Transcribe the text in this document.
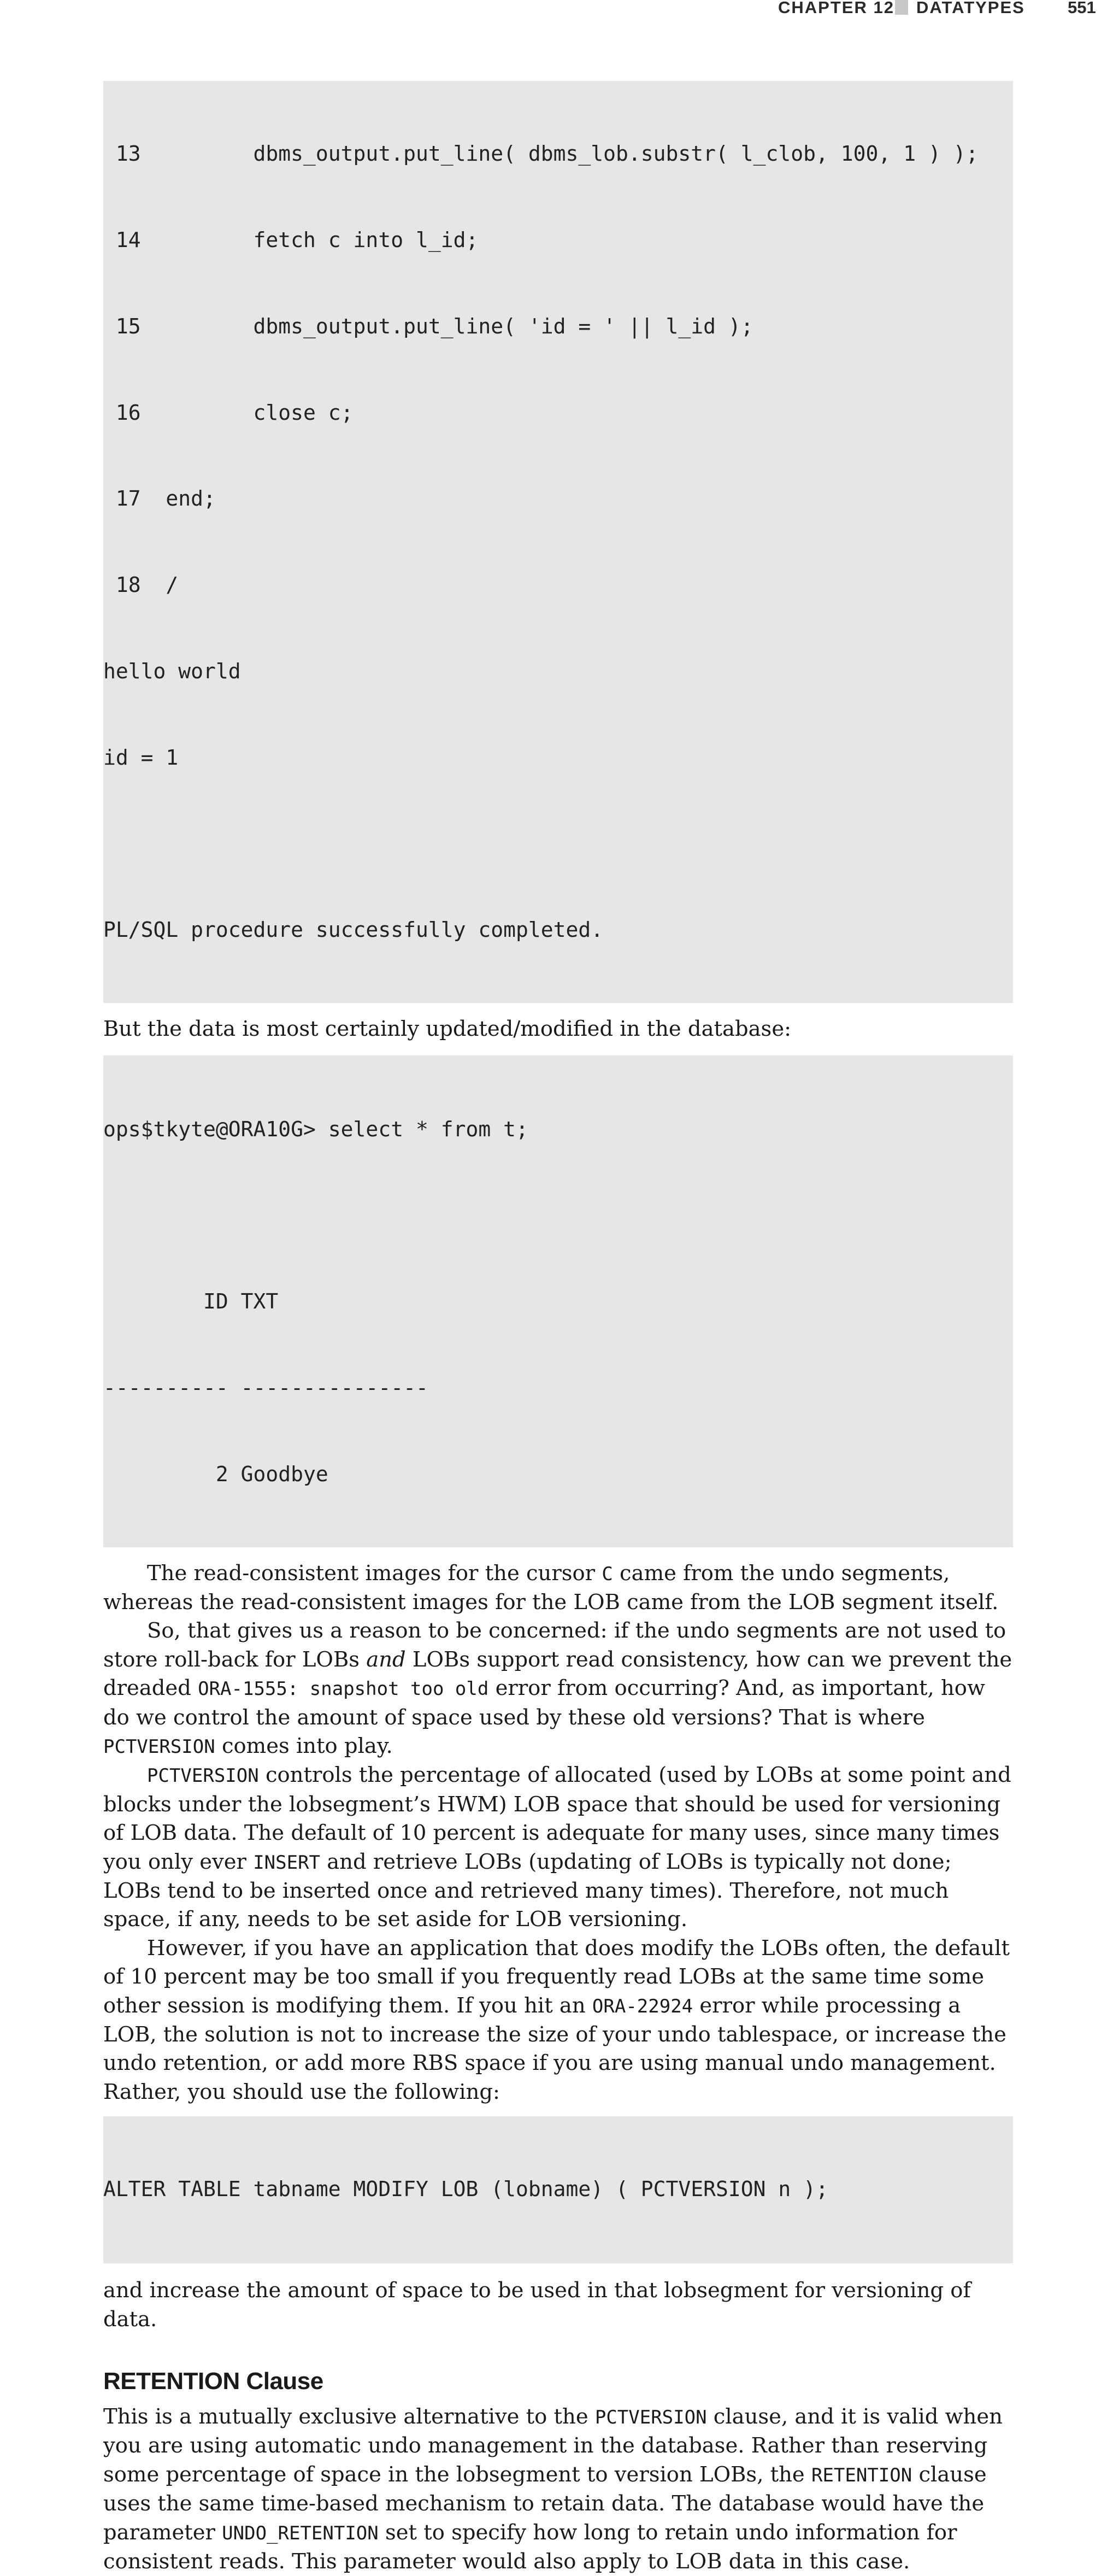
CHAPTER 12 DATATYPES	551

13         dbms_output.put_line( dbms_lob.substr( l_clob, 100, 1 ) );

14         fetch c into l_id;

15         dbms_output.put_line( 'id = ' || l_id );

16         close c;

17  end;

18  /

hello world

id = 1

PL/SQL procedure successfully completed.

But the data is most certainly updated/modified in the database:

ops$tkyte@ORA10G> select * from t;

ID TXT

---------- ---------------

2 Goodbye

The read-consistent images for the cursor C came from the undo segments, whereas the read-consistent images for the LOB came from the LOB segment itself.

So, that gives us a reason to be concerned: if the undo segments are not used to store roll-back for LOBs and LOBs support read consistency, how can we prevent the dreaded ORA-1555: snapshot too old error from occurring? And, as important, how do we control the amount of space used by these old versions? That is where PCTVERSION comes into play.

PCTVERSION controls the percentage of allocated (used by LOBs at some point and blocks under the lobsegment’s HWM) LOB space that should be used for versioning of LOB data. The default of 10 percent is adequate for many uses, since many times you only ever INSERT and retrieve LOBs (updating of LOBs is typically not done; LOBs tend to be inserted once and retrieved many times). Therefore, not much space, if any, needs to be set aside for LOB versioning.

However, if you have an application that does modify the LOBs often, the default of 10 percent may be too small if you frequently read LOBs at the same time some other session is modifying them. If you hit an ORA-22924 error while processing a LOB, the solution is not to increase the size of your undo tablespace, or increase the undo retention, or add more RBS space if you are using manual undo management. Rather, you should use the following:

ALTER TABLE tabname MODIFY LOB (lobname) ( PCTVERSION n );

and increase the amount of space to be used in that lobsegment for versioning of data.

RETENTION Clause

This is a mutually exclusive alternative to the PCTVERSION clause, and it is valid when you are using automatic undo management in the database. Rather than reserving some percentage of space in the lobsegment to version LOBs, the RETENTION clause uses the same time-based mechanism to retain data. The database would have the parameter UNDO_RETENTION set to specify how long to retain undo information for consistent reads. This parameter would also apply to LOB data in this case.
